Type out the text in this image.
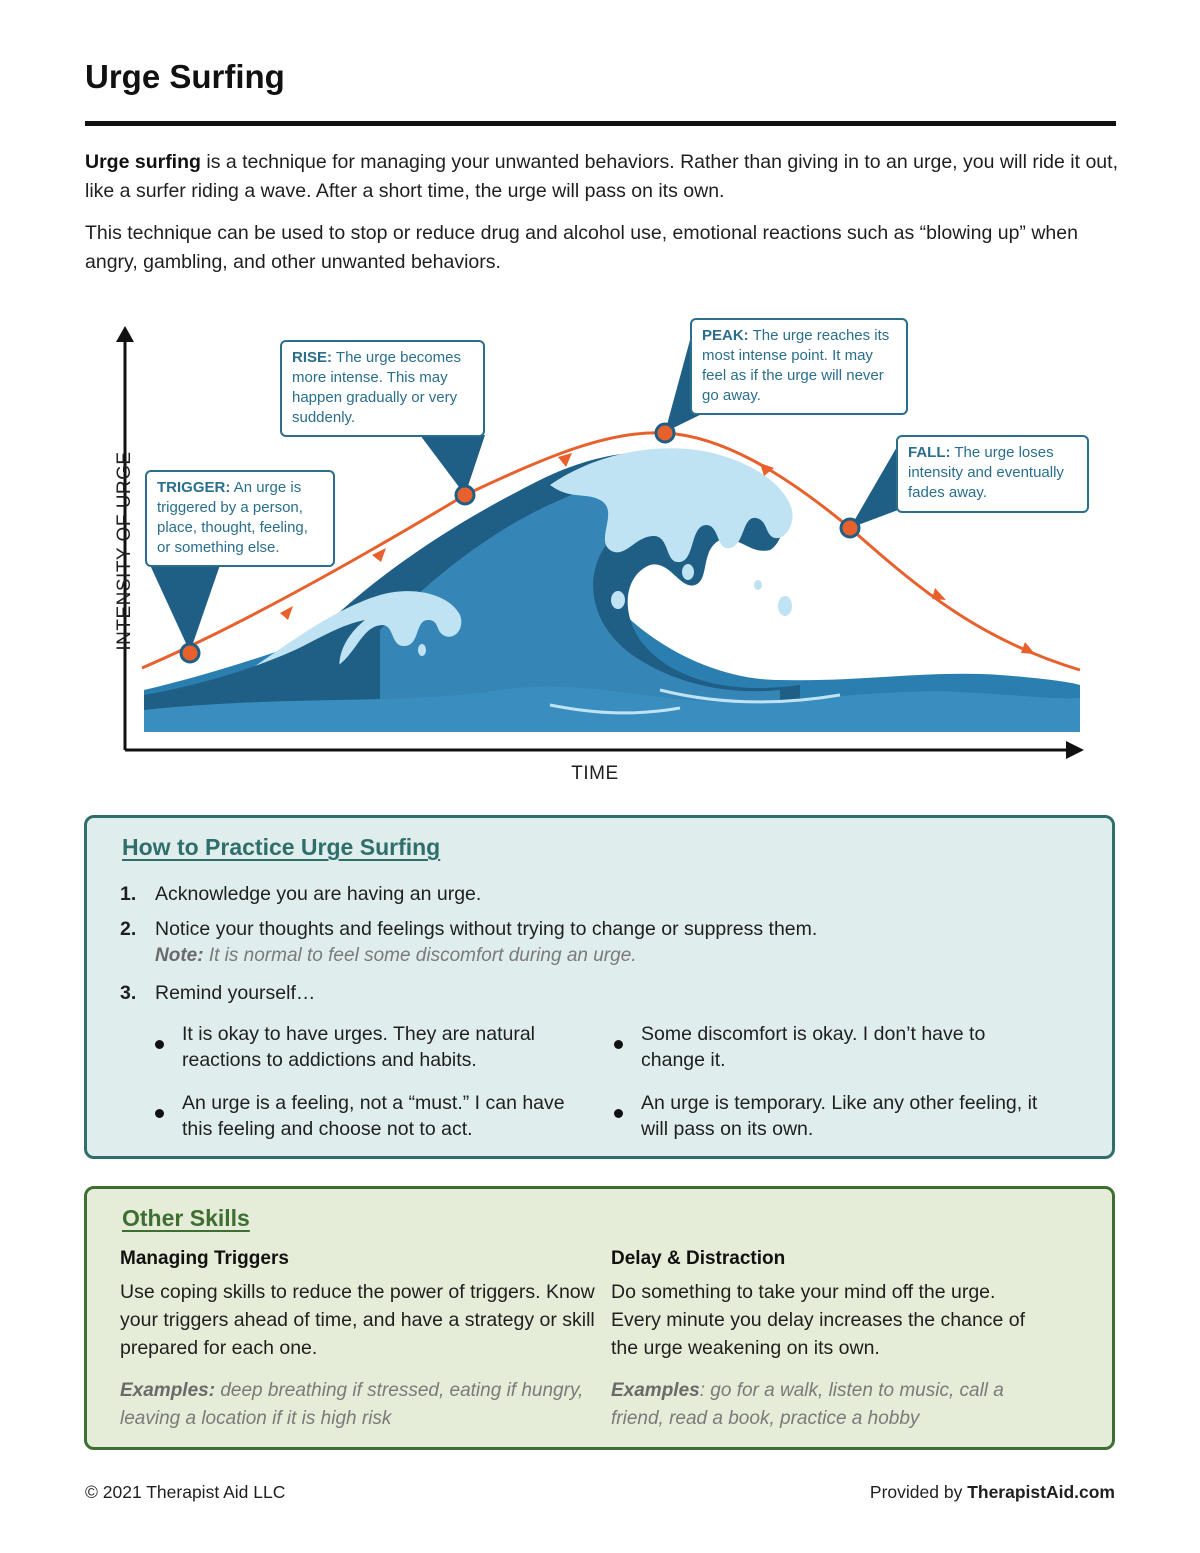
Urge Surfing
Urge surfing is a technique for managing your unwanted behaviors. Rather than giving in to an urge, you will ride it out, like a surfer riding a wave. After a short time, the urge will pass on its own.
This technique can be used to stop or reduce drug and alcohol use, emotional reactions such as “blowing up” when angry, gambling, and other unwanted behaviors.
INTENSITY OF URGE
TIME
TRIGGER: An urge is triggered by a person, place, thought, feeling, or something else.
RISE: The urge becomes more intense. This may happen gradually or very suddenly.
PEAK: The urge reaches its most intense point. It may feel as if the urge will never go away.
FALL: The urge loses intensity and eventually fades away.
How to Practice Urge Surfing
1. Acknowledge you are having an urge.
2. Notice your thoughts and feelings without trying to change or suppress them.
Note: It is normal to feel some discomfort during an urge.
3. Remind yourself…
It is okay to have urges. They are natural reactions to addictions and habits.
Some discomfort is okay. I don’t have to change it.
An urge is a feeling, not a “must.” I can have this feeling and choose not to act.
An urge is temporary. Like any other feeling, it will pass on its own.
Other Skills
Managing Triggers
Use coping skills to reduce the power of triggers. Know your triggers ahead of time, and have a strategy or skill prepared for each one.
Examples: deep breathing if stressed, eating if hungry, leaving a location if it is high risk
Delay & Distraction
Do something to take your mind off the urge. Every minute you delay increases the chance of the urge weakening on its own.
Examples: go for a walk, listen to music, call a friend, read a book, practice a hobby
© 2021 Therapist Aid LLC	Provided by TherapistAid.com
